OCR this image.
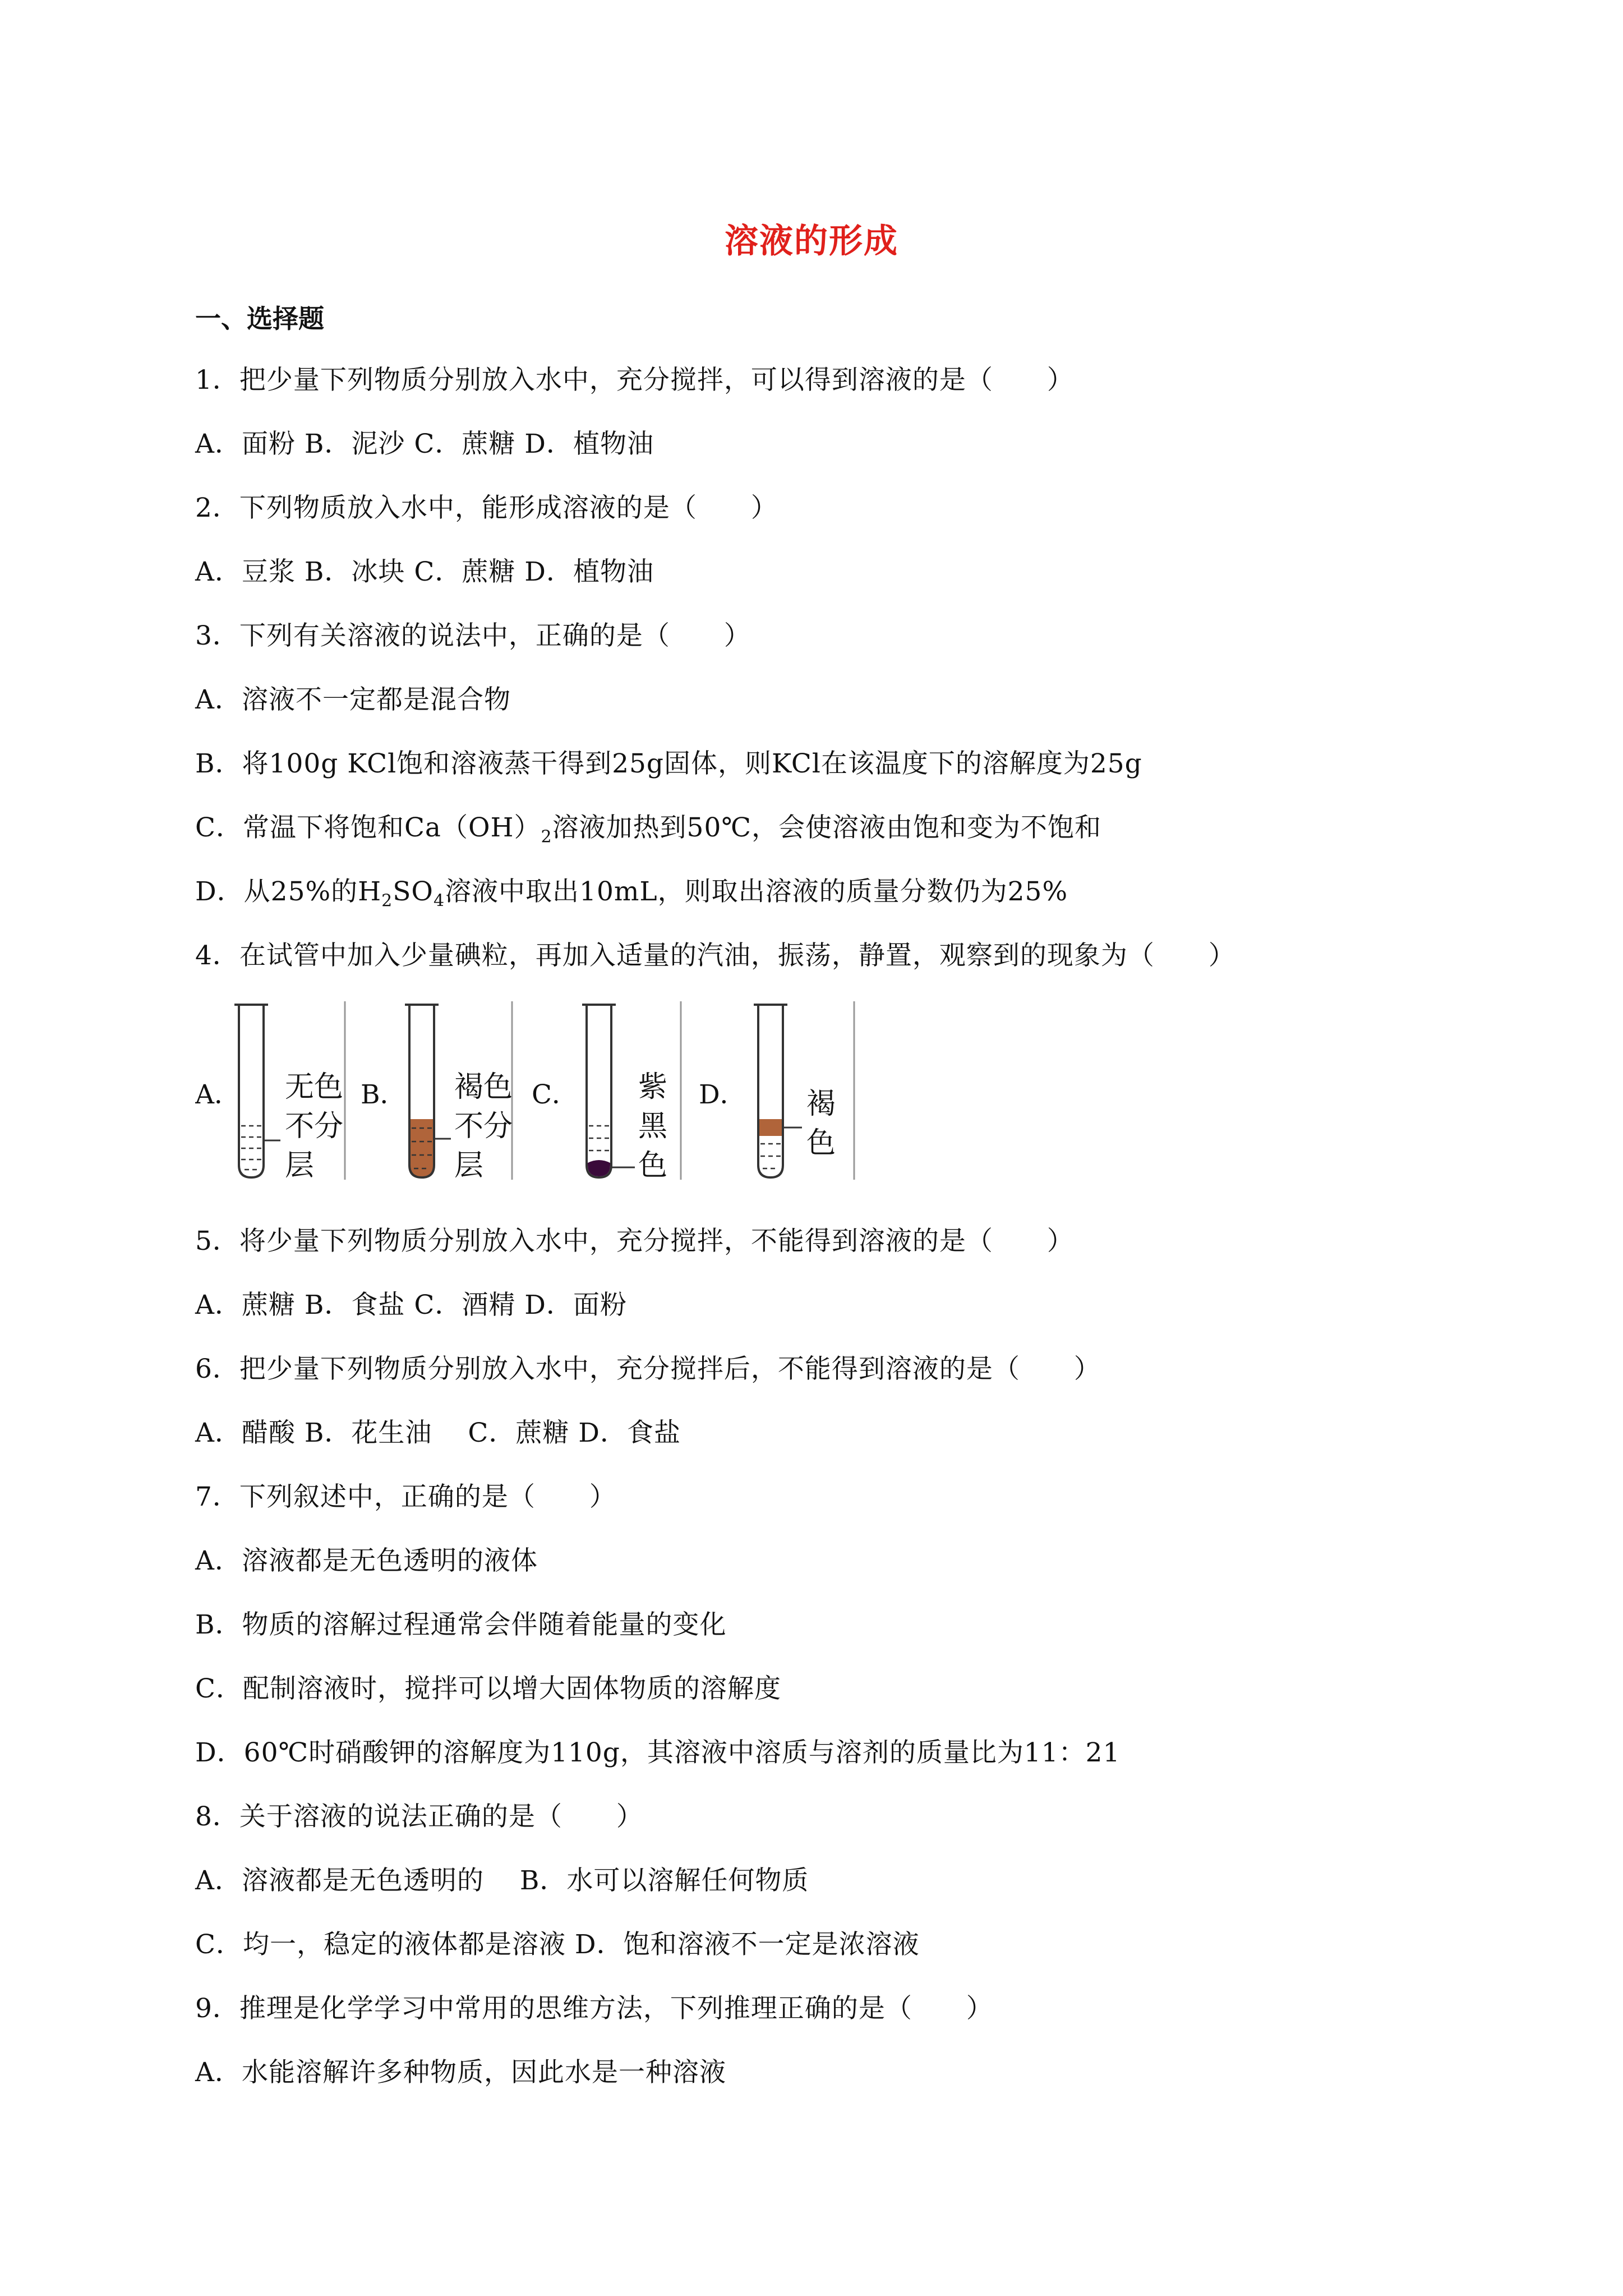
溶液的形成
一、选择题
1．把少量下列物质分别放入水中，充分搅拌，可以得到溶液的是（　　）
A．面粉 B．泥沙 C．蔗糖 D．植物油
2．下列物质放入水中，能形成溶液的是（　　）
A．豆浆 B．冰块 C．蔗糖 D．植物油
3．下列有关溶液的说法中，正确的是（　　）
A．溶液不一定都是混合物
B．将100g KCl饱和溶液蒸干得到25g固体，则KCl在该温度下的溶解度为25g
C．常温下将饱和$Ca(OH)_2$溶液加热到50℃，会使溶液由饱和变为不饱和
D．从25%的$H_2SO_4$溶液中取出10mL，则取出溶液的质量分数仍为25%
4．在试管中加入少量碘粒，再加入适量的汽油，振荡，静置，观察到的现象为（　　）
A． 无色
不分
层
B． 褐色
不分
层
C． 紫
黑
色
D． 褐
色
5．将少量下列物质分别放入水中，充分搅拌，不能得到溶液的是（　　）
A．蔗糖 B．食盐 C．酒精 D．面粉
6．把少量下列物质分别放入水中，充分搅拌后，不能得到溶液的是（　　）
A．醋酸 B．花生油　 C．蔗糖 D．食盐
7．下列叙述中，正确的是（　　）
A．溶液都是无色透明的液体
B．物质的溶解过程通常会伴随着能量的变化
C．配制溶液时，搅拌可以增大固体物质的溶解度
D．60℃时硝酸钾的溶解度为110g，其溶液中溶质与溶剂的质量比为11：21
8．关于溶液的说法正确的是（　　）
A．溶液都是无色透明的　 B．水可以溶解任何物质
C．均一，稳定的液体都是溶液 D．饱和溶液不一定是浓溶液
9．推理是化学学习中常用的思维方法，下列推理正确的是（　　）
A．水能溶解许多种物质，因此水是一种溶液
